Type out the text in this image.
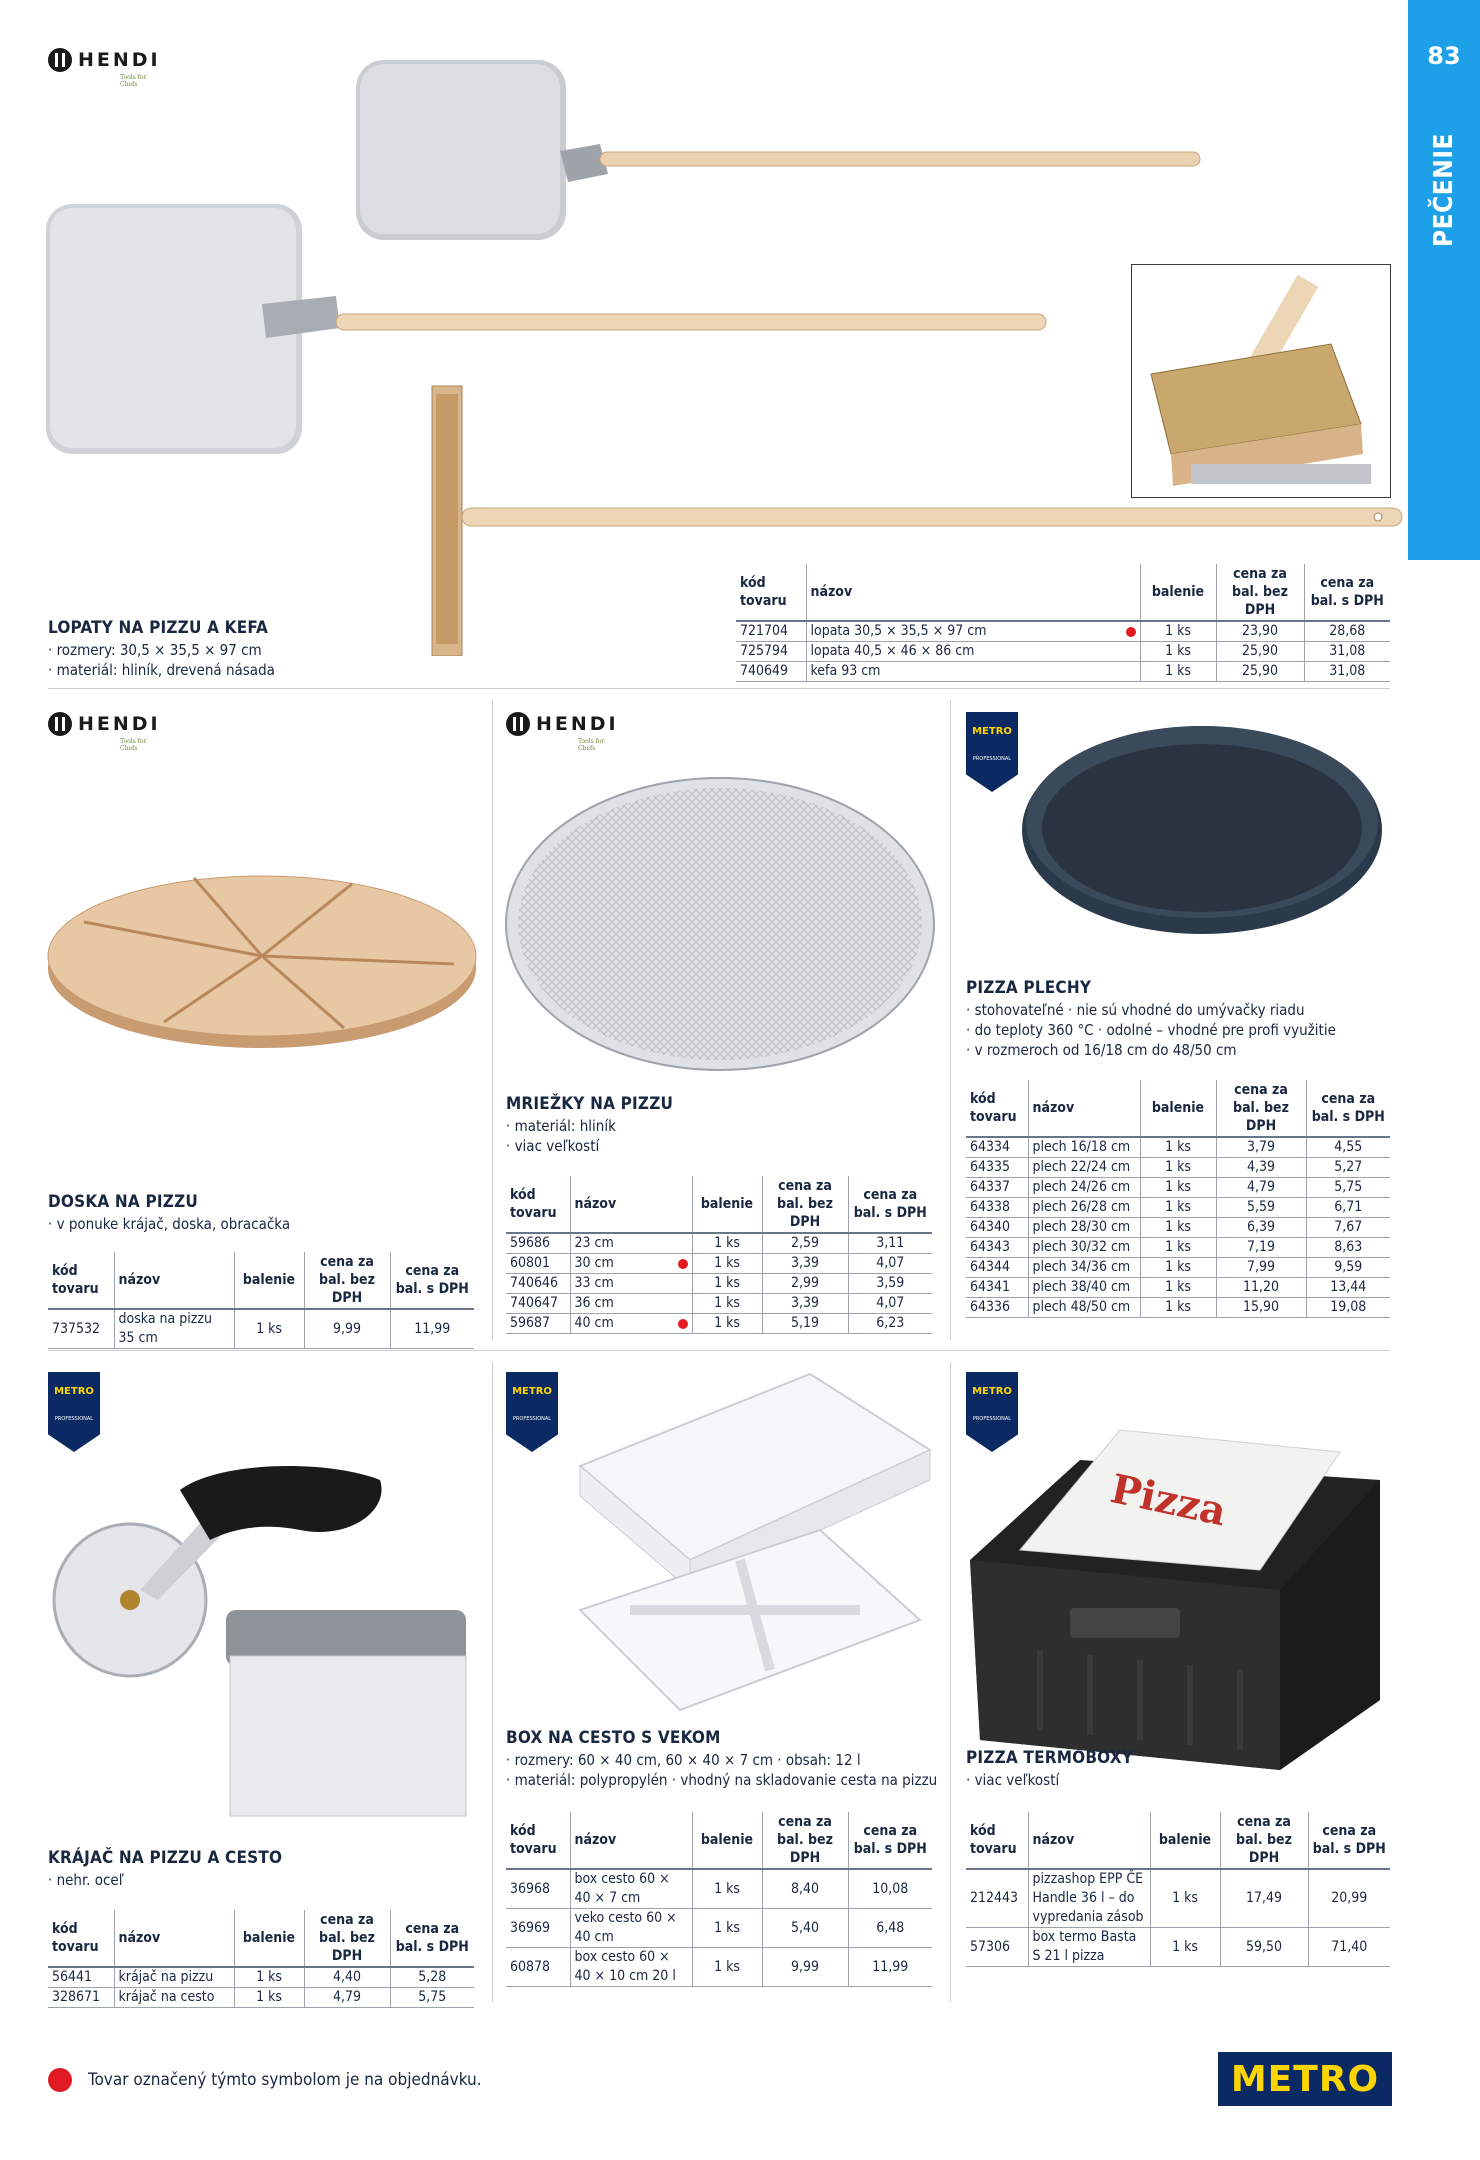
83
PEČENIE
HENDI
Tools for Chefs
LOPATY NA PIZZU A KEFA
· rozmery: 30,5 × 35,5 × 97 cm
· materiál: hliník, drevená násada
kód tovaru	názov	balenie	cena za bal. bez DPH	cena za bal. s DPH
721704	lopata 30,5 × 35,5 × 97 cm	1 ks	23,90	28,68
725794	lopata 40,5 × 46 × 86 cm	1 ks	25,90	31,08
740649	kefa 93 cm	1 ks	25,90	31,08
HENDI
Tools for Chefs
DOSKA NA PIZZU
· v ponuke krájač, doska, obracačka
kód tovaru	názov	balenie	cena za bal. bez DPH	cena za bal. s DPH
737532	doska na pizzu 35 cm	1 ks	9,99	11,99
HENDI
Tools for Chefs
MRIEŽKY NA PIZZU
· materiál: hliník
· viac veľkostí
kód tovaru	názov	balenie	cena za bal. bez DPH	cena za bal. s DPH
59686	23 cm	1 ks	2,59	3,11
60801	30 cm	1 ks	3,39	4,07
740646	33 cm	1 ks	2,99	3,59
740647	36 cm	1 ks	3,39	4,07
59687	40 cm	1 ks	5,19	6,23
METRO
PROFESSIONAL
PIZZA PLECHY
· stohovateľné · nie sú vhodné do umývačky riadu
· do teploty 360 °C · odolné – vhodné pre profi využitie
· v rozmeroch od 16/18 cm do 48/50 cm
kód tovaru	názov	balenie	cena za bal. bez DPH	cena za bal. s DPH
64334	plech 16/18 cm	1 ks	3,79	4,55
64335	plech 22/24 cm	1 ks	4,39	5,27
64337	plech 24/26 cm	1 ks	4,79	5,75
64338	plech 26/28 cm	1 ks	5,59	6,71
64340	plech 28/30 cm	1 ks	6,39	7,67
64343	plech 30/32 cm	1 ks	7,19	8,63
64344	plech 34/36 cm	1 ks	7,99	9,59
64341	plech 38/40 cm	1 ks	11,20	13,44
64336	plech 48/50 cm	1 ks	15,90	19,08
METRO
PROFESSIONAL
KRÁJAČ NA PIZZU A CESTO
· nehr. oceľ
kód tovaru	názov	balenie	cena za bal. bez DPH	cena za bal. s DPH
56441	krájač na pizzu	1 ks	4,40	5,28
328671	krájač na cesto	1 ks	4,79	5,75
METRO
PROFESSIONAL
BOX NA CESTO S VEKOM
· rozmery: 60 × 40 cm, 60 × 40 × 7 cm · obsah: 12 l
· materiál: polypropylén · vhodný na skladovanie cesta na pizzu
kód tovaru	názov	balenie	cena za bal. bez DPH	cena za bal. s DPH
36968	box cesto 60 × 40 × 7 cm	1 ks	8,40	10,08
36969	veko cesto 60 × 40 cm	1 ks	5,40	6,48
60878	box cesto 60 × 40 × 10 cm 20 l	1 ks	9,99	11,99
METRO
PROFESSIONAL
Pizza
PIZZA TERMOBOXY
· viac veľkostí
kód tovaru	názov	balenie	cena za bal. bez DPH	cena za bal. s DPH
212443	pizzashop EPP ČE Handle 36 l – do vypredania zásob	1 ks	17,49	20,99
57306	box termo Basta S 21 l pizza	1 ks	59,50	71,40
Tovar označený týmto symbolom je na objednávku.	METRO
